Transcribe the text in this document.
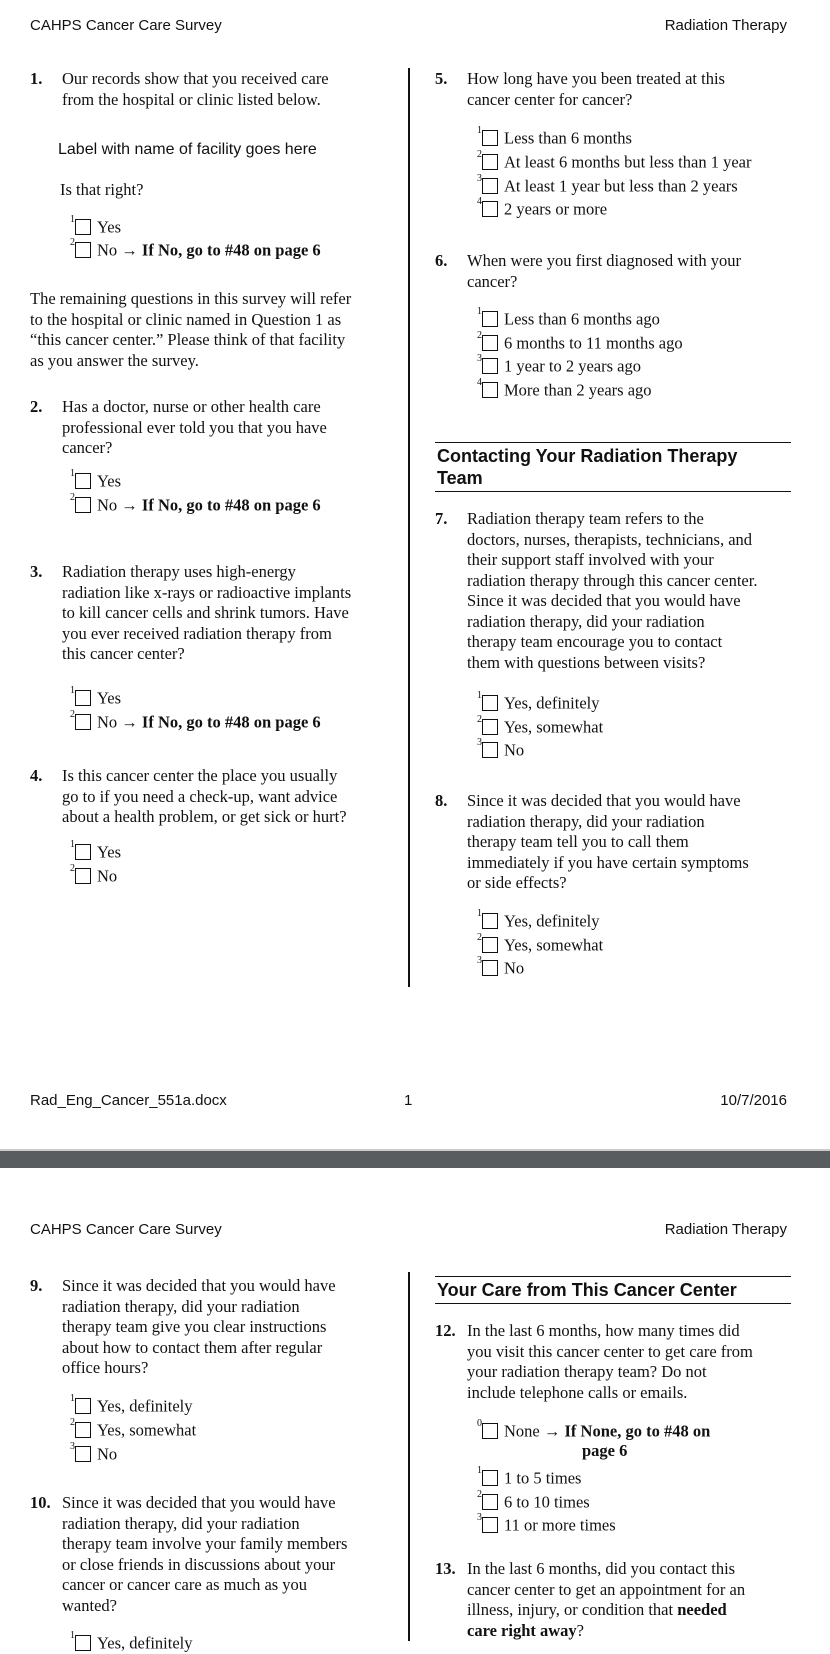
CAHPS Cancer Care Survey	Radiation Therapy
1. Our records show that you received care
from the hospital or clinic listed below.
Label with name of facility goes here
Is that right?
$^1$ Yes
$^2$ No → If No, go to #48 on page 6
The remaining questions in this survey will refer
to the hospital or clinic named in Question 1 as
“this cancer center.” Please think of that facility
as you answer the survey.
2. Has a doctor, nurse or other health care
professional ever told you that you have
cancer?
$^1$ Yes
$^2$ No → If No, go to #48 on page 6
3. Radiation therapy uses high-energy
radiation like x-rays or radioactive implants
to kill cancer cells and shrink tumors. Have
you ever received radiation therapy from
this cancer center?
$^1$ Yes
$^2$ No → If No, go to #48 on page 6
4. Is this cancer center the place you usually
go to if you need a check-up, want advice
about a health problem, or get sick or hurt?
$^1$ Yes
$^2$ No
5. How long have you been treated at this
cancer center for cancer?
$^1$ Less than 6 months
$^2$ At least 6 months but less than 1 year
$^3$ At least 1 year but less than 2 years
$^4$ 2 years or more
6. When were you first diagnosed with your
cancer?
$^1$ Less than 6 months ago
$^2$ 6 months to 11 months ago
$^3$ 1 year to 2 years ago
$^4$ More than 2 years ago
Contacting Your Radiation Therapy
Team
7. Radiation therapy team refers to the
doctors, nurses, therapists, technicians, and
their support staff involved with your
radiation therapy through this cancer center.
Since it was decided that you would have
radiation therapy, did your radiation
therapy team encourage you to contact
them with questions between visits?
$^1$ Yes, definitely
$^2$ Yes, somewhat
$^3$ No
8. Since it was decided that you would have
radiation therapy, did your radiation
therapy team tell you to call them
immediately if you have certain symptoms
or side effects?
$^1$ Yes, definitely
$^2$ Yes, somewhat
$^3$ No
Rad_Eng_Cancer_551a.docx	1	10/7/2016
CAHPS Cancer Care Survey	Radiation Therapy
9. Since it was decided that you would have
radiation therapy, did your radiation
therapy team give you clear instructions
about how to contact them after regular
office hours?
$^1$ Yes, definitely
$^2$ Yes, somewhat
$^3$ No
10. Since it was decided that you would have
radiation therapy, did your radiation
therapy team involve your family members
or close friends in discussions about your
cancer or cancer care as much as you
wanted?
$^1$ Yes, definitely
Your Care from This Cancer Center
12. In the last 6 months, how many times did
you visit this cancer center to get care from
your radiation therapy team? Do not
include telephone calls or emails.
$^0$ None → If None, go to #48 on
page 6
$^1$ 1 to 5 times
$^2$ 6 to 10 times
$^3$ 11 or more times
13. In the last 6 months, did you contact this
cancer center to get an appointment for an
illness, injury, or condition that needed
care right away?
